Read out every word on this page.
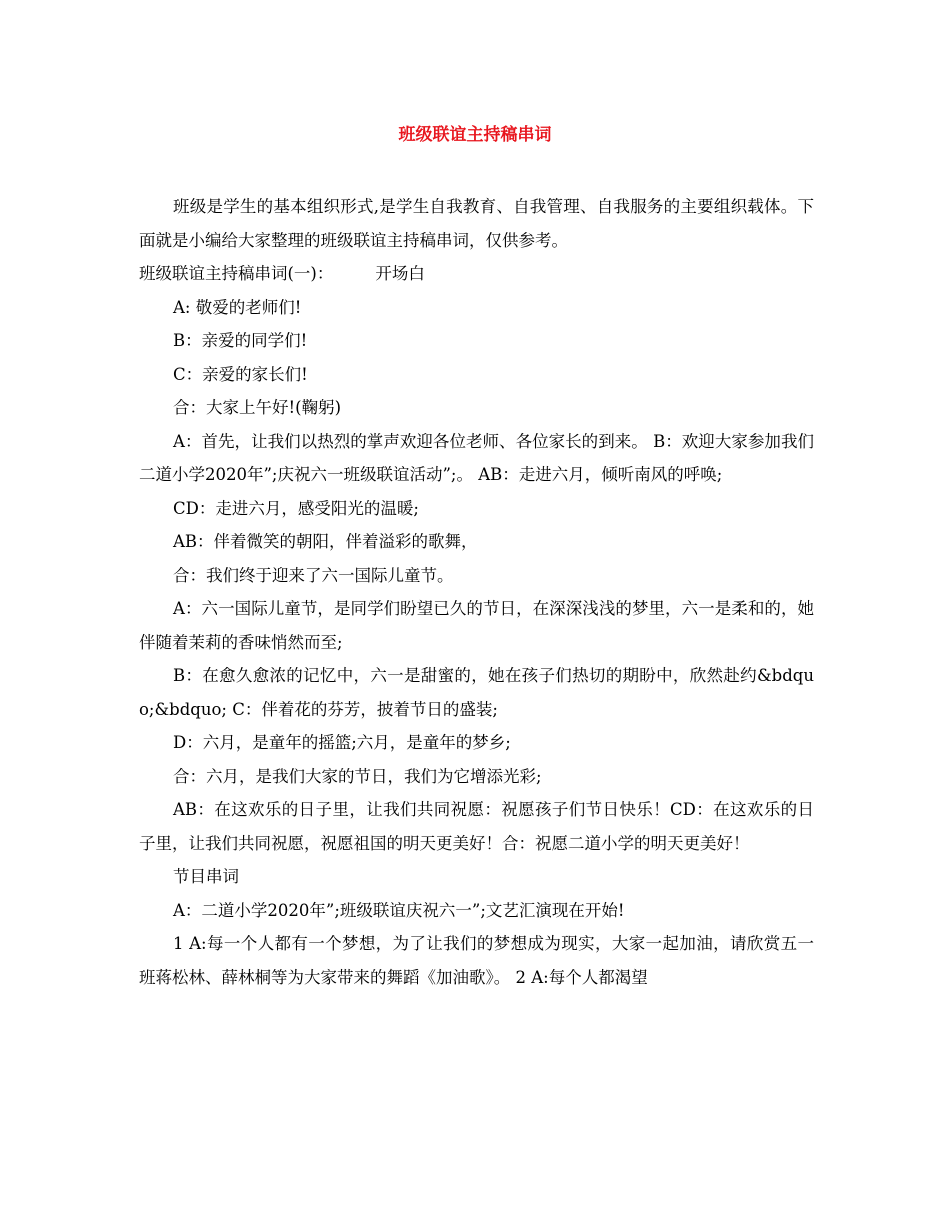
班级联谊主持稿串词

班级是学生的基本组织形式,是学生自我教育、自我管理、自我服务的主要组织载体。下面就是小编给大家整理的班级联谊主持稿串词，仅供参考。

班级联谊主持稿串词(一)：        开场白

A: 敬爱的老师们!

B：亲爱的同学们!

C：亲爱的家长们!

合：大家上午好!(鞠躬)

A：首先，让我们以热烈的掌声欢迎各位老师、各位家长的到来。 B：欢迎大家参加我们二道小学2020年”;庆祝六一班级联谊活动”;。 AB：走进六月，倾听南风的呼唤;

CD：走进六月，感受阳光的温暖;

AB：伴着微笑的朝阳，伴着溢彩的歌舞，

合：我们终于迎来了六一国际儿童节。

A：六一国际儿童节，是同学们盼望已久的节日，在深深浅浅的梦里，六一是柔和的，她伴随着茉莉的香味悄然而至;

B：在愈久愈浓的记忆中，六一是甜蜜的，她在孩子们热切的期盼中，欣然赴约&bdquo;&bdquo; C：伴着花的芬芳，披着节日的盛装;

D：六月，是童年的摇篮;六月，是童年的梦乡;

合：六月，是我们大家的节日，我们为它增添光彩;

AB：在这欢乐的日子里，让我们共同祝愿：祝愿孩子们节日快乐！CD：在这欢乐的日子里，让我们共同祝愿，祝愿祖国的明天更美好！合：祝愿二道小学的明天更美好！

节目串词

A：二道小学2020年”;班级联谊庆祝六一”;文艺汇演现在开始!

1 A:每一个人都有一个梦想，为了让我们的梦想成为现实，大家一起加油，请欣赏五一班蒋松林、薛林桐等为大家带来的舞蹈《加油歌》。 2 A:每个人都渴望
